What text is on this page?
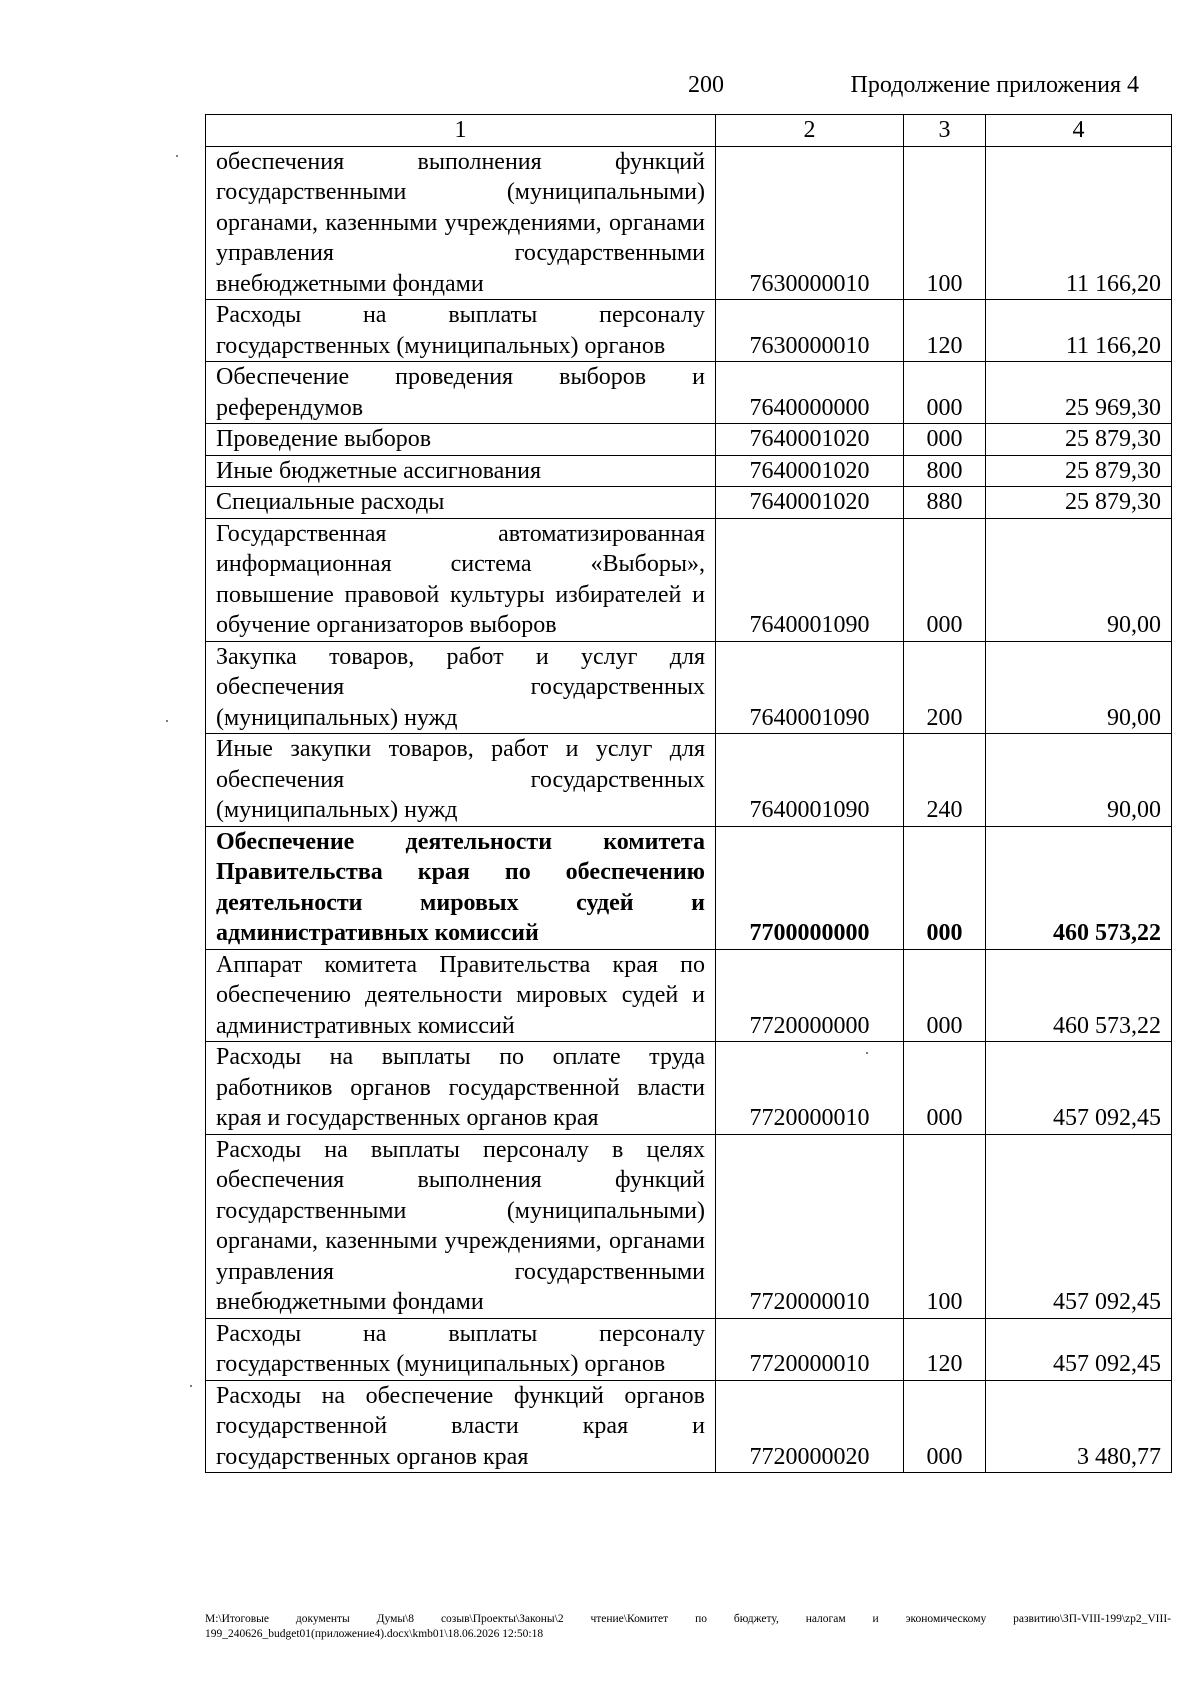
200	Продолжение приложения 4
1	2	3	4
обеспечения выполнения функций государственными (муниципальными) органами, казенными учреждениями, органами управления государственными внебюджетными фондами	7630000010	100	11 166,20
Расходы на выплаты персоналу государственных (муниципальных) органов	7630000010	120	11 166,20
Обеспечение проведения выборов и референдумов	7640000000	000	25 969,30
Проведение выборов	7640001020	000	25 879,30
Иные бюджетные ассигнования	7640001020	800	25 879,30
Специальные расходы	7640001020	880	25 879,30
Государственная автоматизированная информационная система «Выборы», повышение правовой культуры избирателей и обучение организаторов выборов	7640001090	000	90,00
Закупка товаров, работ и услуг для обеспечения государственных (муниципальных) нужд	7640001090	200	90,00
Иные закупки товаров, работ и услуг для обеспечения государственных (муниципальных) нужд	7640001090	240	90,00
Обеспечение деятельности комитета Правительства края по обеспечению деятельности мировых судей и административных комиссий	7700000000	000	460 573,22
Аппарат комитета Правительства края по обеспечению деятельности мировых судей и административных комиссий	7720000000	000	460 573,22
Расходы на выплаты по оплате труда работников органов государственной власти края и государственных органов края	7720000010	000	457 092,45
Расходы на выплаты персоналу в целях обеспечения выполнения функций государственными (муниципальными) органами, казенными учреждениями, органами управления государственными внебюджетными фондами	7720000010	100	457 092,45
Расходы на выплаты персоналу государственных (муниципальных) органов	7720000010	120	457 092,45
Расходы на обеспечение функций органов государственной власти края и государственных органов края	7720000020	000	3 480,77
M:\Итоговые документы Думы\8 созыв\Проекты\Законы\2 чтение\Комитет по бюджету, налогам и экономическому развитию\ЗП-VIII-199\zp2_VIII-199_240626_budget01(приложение4).docx\kmb01\18.06.2026 12:50:18
